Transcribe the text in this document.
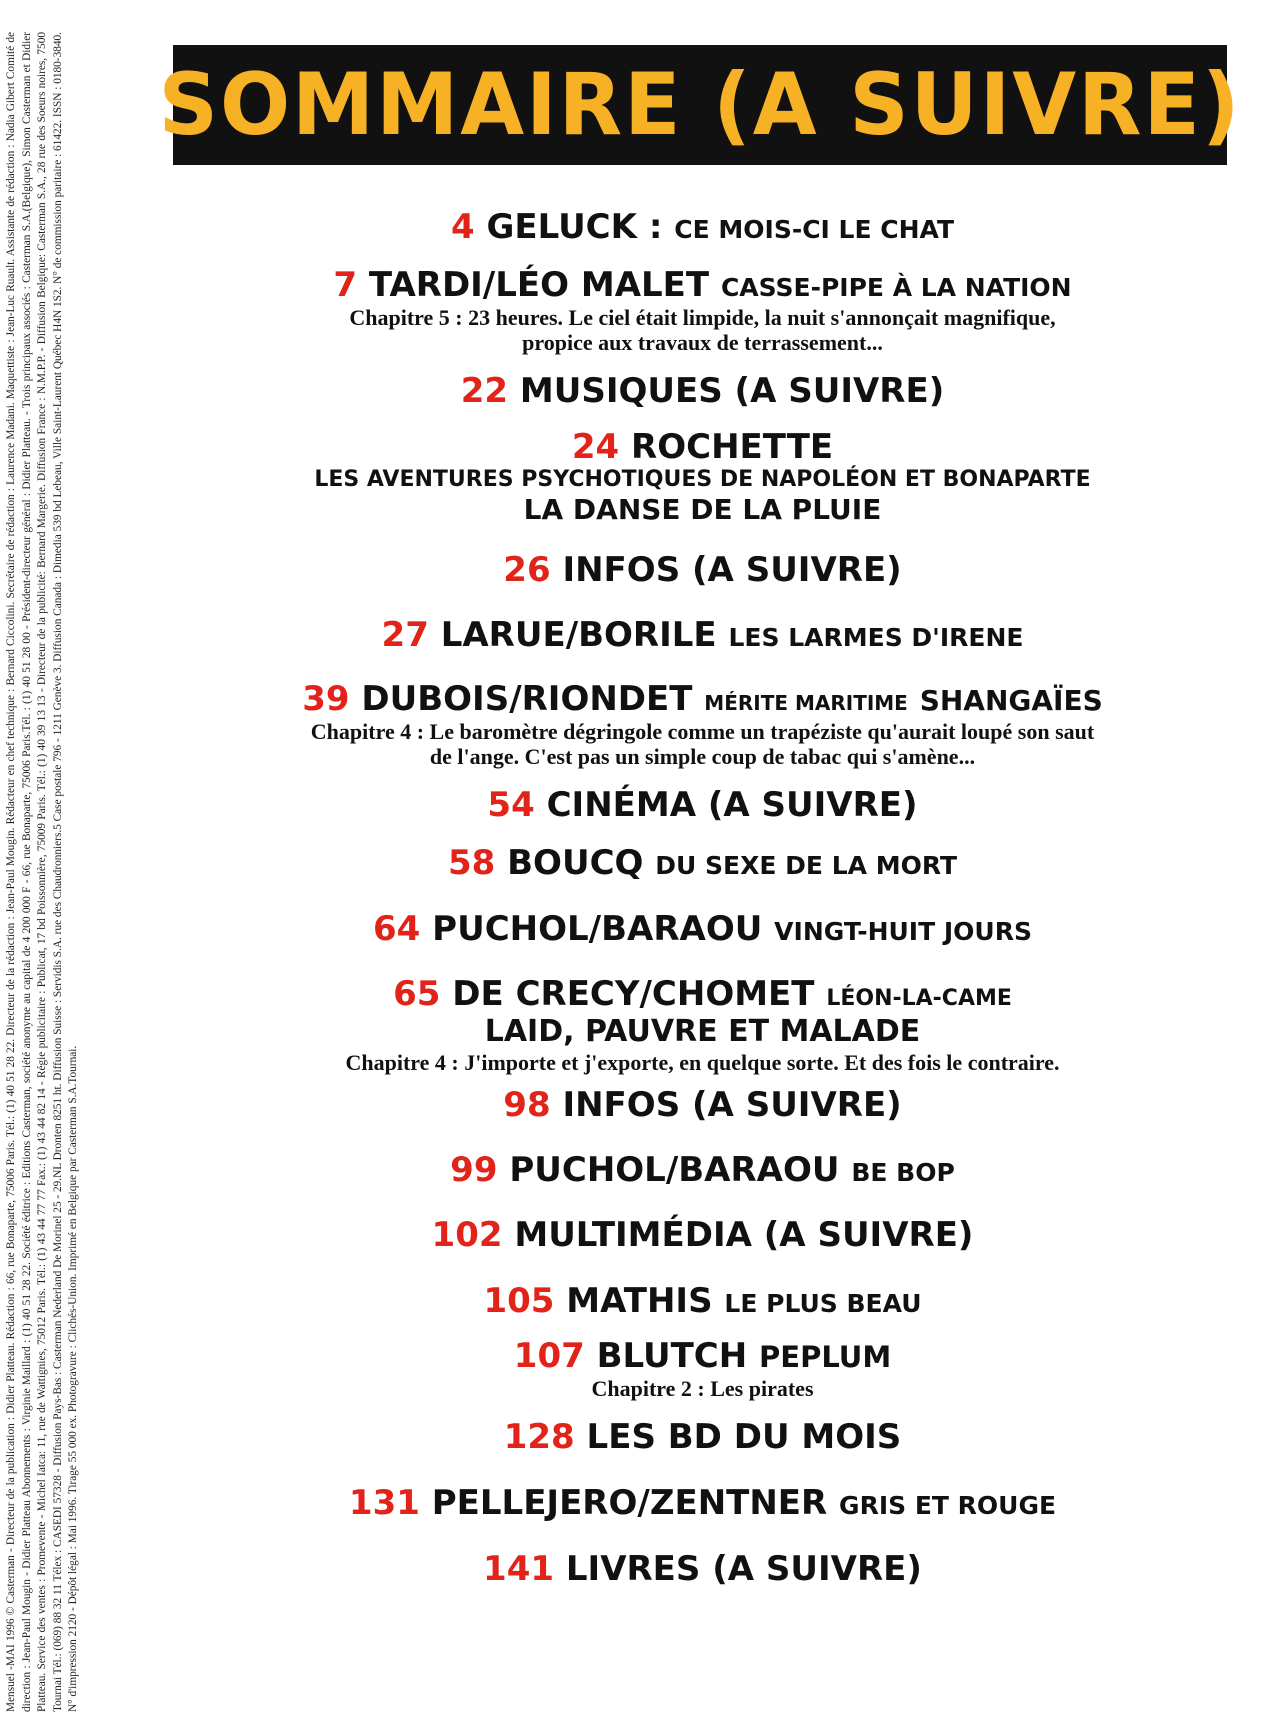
Mensuel -MAI 1996 © Casterman - Directeur de la publication : Didier Platteau. Rédaction : 66, rue Bonaparte, 75006 Paris. Tél.: (1) 40 51 28 22. Directeur de la rédaction : Jean-Paul Mougin. Rédacteur en chef technique : Bernard Ciccolini. Secrétaire de rédaction : Laurence Madani. Maquettiste : Jean-Luc Ruault. Assistante de rédaction : Nadia Gibert Comité de direction : Jean-Paul Mougin - Didier Platteau Abonnements : Virginie Maillard : (1) 40 51 28 22. Société éditrice : Editions Casterman, société anonyme au capital de 4 200 000 F - 66, rue Bonaparte, 75006 Paris.Tél. : (1) 40 51 28 00 - Président-directeur général : Didier Platteau. - Trois principaux associés : Casterman S.A.(Belgique), Simon Casterman et Didier Platteau. Service des ventes : Promevente - Michel Iatca: 11, rue de Wattignies, 75012 Paris. Tél.: (1) 43 44 77 77 Fax.: (1) 43 44 82 14 - Régie publicitaire : Publicat, 17 bd Poissonnière, 75009 Paris. Tél.: (1) 40 39 13 13 - Directeur de la publicité: Bernard Margerie. Diffusion France : N.M.P.P. - Diffusion Belgique: Casterman S.A., 28 rue des Soeurs noires, 7500 Tournai Tél.: (069) 88 32 11 Télex : CASEDI 57328 - Diffusion Pays-Bas : Casterman Nederland De Morinel 25 - 29.NL Dronten 8251 ht. Diffusion Suisse : Servidis S.A. rue des Chaudronniers.5 Case postale 796 - 1211 Genève 3. Diffusion Canada : Dimedia 539 bd Lebeau, Ville Saint-Laurent Québec H4N 1S2. N° de commission paritaire : 61422. ISSN : 0180-3840. N° d'impression 2120 - Dépôt légal : Mai 1996. Tirage 55 000 ex. Photogravure : Clichés-Union. Imprimé en Belgique par Casterman S.A.Tournai.
SOMMAIRE (A SUIVRE)
4 GELUCK : CE MOIS-CI LE CHAT
7 TARDI/LÉO MALET CASSE-PIPE À LA NATION
Chapitre 5 : 23 heures. Le ciel était limpide, la nuit s'annonçait magnifique,
propice aux travaux de terrassement...
22 MUSIQUES (A SUIVRE)
24 ROCHETTE
LES AVENTURES PSYCHOTIQUES DE NAPOLÉON ET BONAPARTE
LA DANSE DE LA PLUIE
26 INFOS (A SUIVRE)
27 LARUE/BORILE LES LARMES D'IRENE
39 DUBOIS/RIONDET MÉRITE MARITIME SHANGAÏES
Chapitre 4 : Le baromètre dégringole comme un trapéziste qu'aurait loupé son saut
de l'ange. C'est pas un simple coup de tabac qui s'amène...
54 CINÉMA (A SUIVRE)
58 BOUCQ DU SEXE DE LA MORT
64 PUCHOL/BARAOU VINGT-HUIT JOURS
65 DE CRECY/CHOMET LÉON-LA-CAME
LAID, PAUVRE ET MALADE
Chapitre 4 : J'importe et j'exporte, en quelque sorte. Et des fois le contraire.
98 INFOS (A SUIVRE)
99 PUCHOL/BARAOU BE BOP
102 MULTIMÉDIA (A SUIVRE)
105 MATHIS LE PLUS BEAU
107 BLUTCH PEPLUM
Chapitre 2 : Les pirates
128 LES BD DU MOIS
131 PELLEJERO/ZENTNER GRIS ET ROUGE
141 LIVRES (A SUIVRE)
